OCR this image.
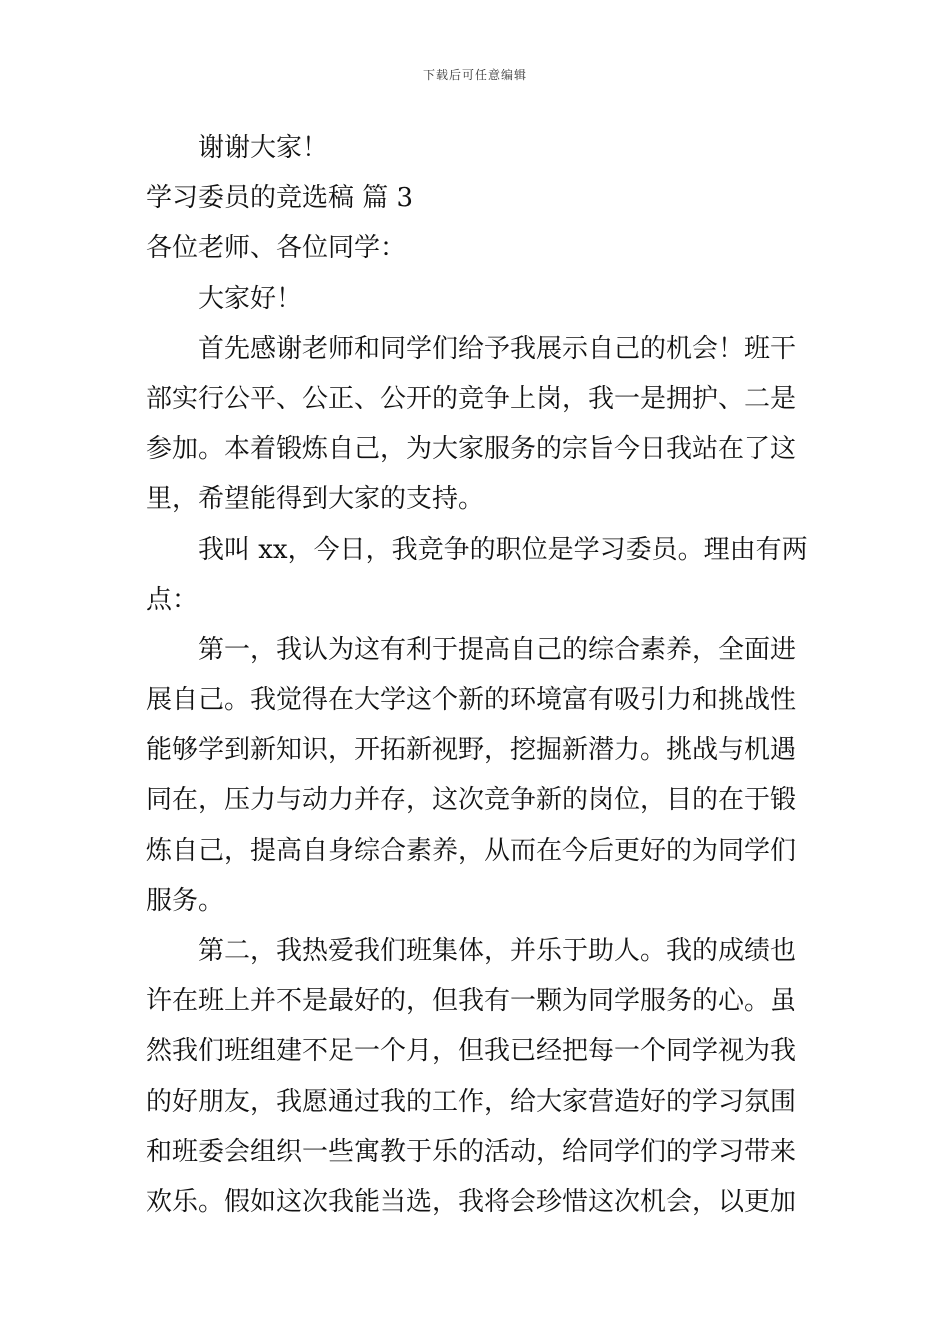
下载后可任意编辑

谢谢大家！

学习委员的竞选稿 篇 3

各位老师、各位同学：

大家好！

首先感谢老师和同学们给予我展示自己的机会！班干

部实行公平、公正、公开的竞争上岗，我一是拥护、二是

参加。本着锻炼自己，为大家服务的宗旨今日我站在了这

里，希望能得到大家的支持。

我叫 xx，今日，我竞争的职位是学习委员。理由有两

点：

第一，我认为这有利于提高自己的综合素养，全面进

展自己。我觉得在大学这个新的环境富有吸引力和挑战性

能够学到新知识，开拓新视野，挖掘新潜力。挑战与机遇

同在，压力与动力并存，这次竞争新的岗位，目的在于锻

炼自己，提高自身综合素养，从而在今后更好的为同学们

服务。

第二，我热爱我们班集体，并乐于助人。我的成绩也

许在班上并不是最好的，但我有一颗为同学服务的心。虽

然我们班组建不足一个月，但我已经把每一个同学视为我

的好朋友，我愿通过我的工作，给大家营造好的学习氛围

和班委会组织一些寓教于乐的活动，给同学们的学习带来

欢乐。假如这次我能当选，我将会珍惜这次机会，以更加
